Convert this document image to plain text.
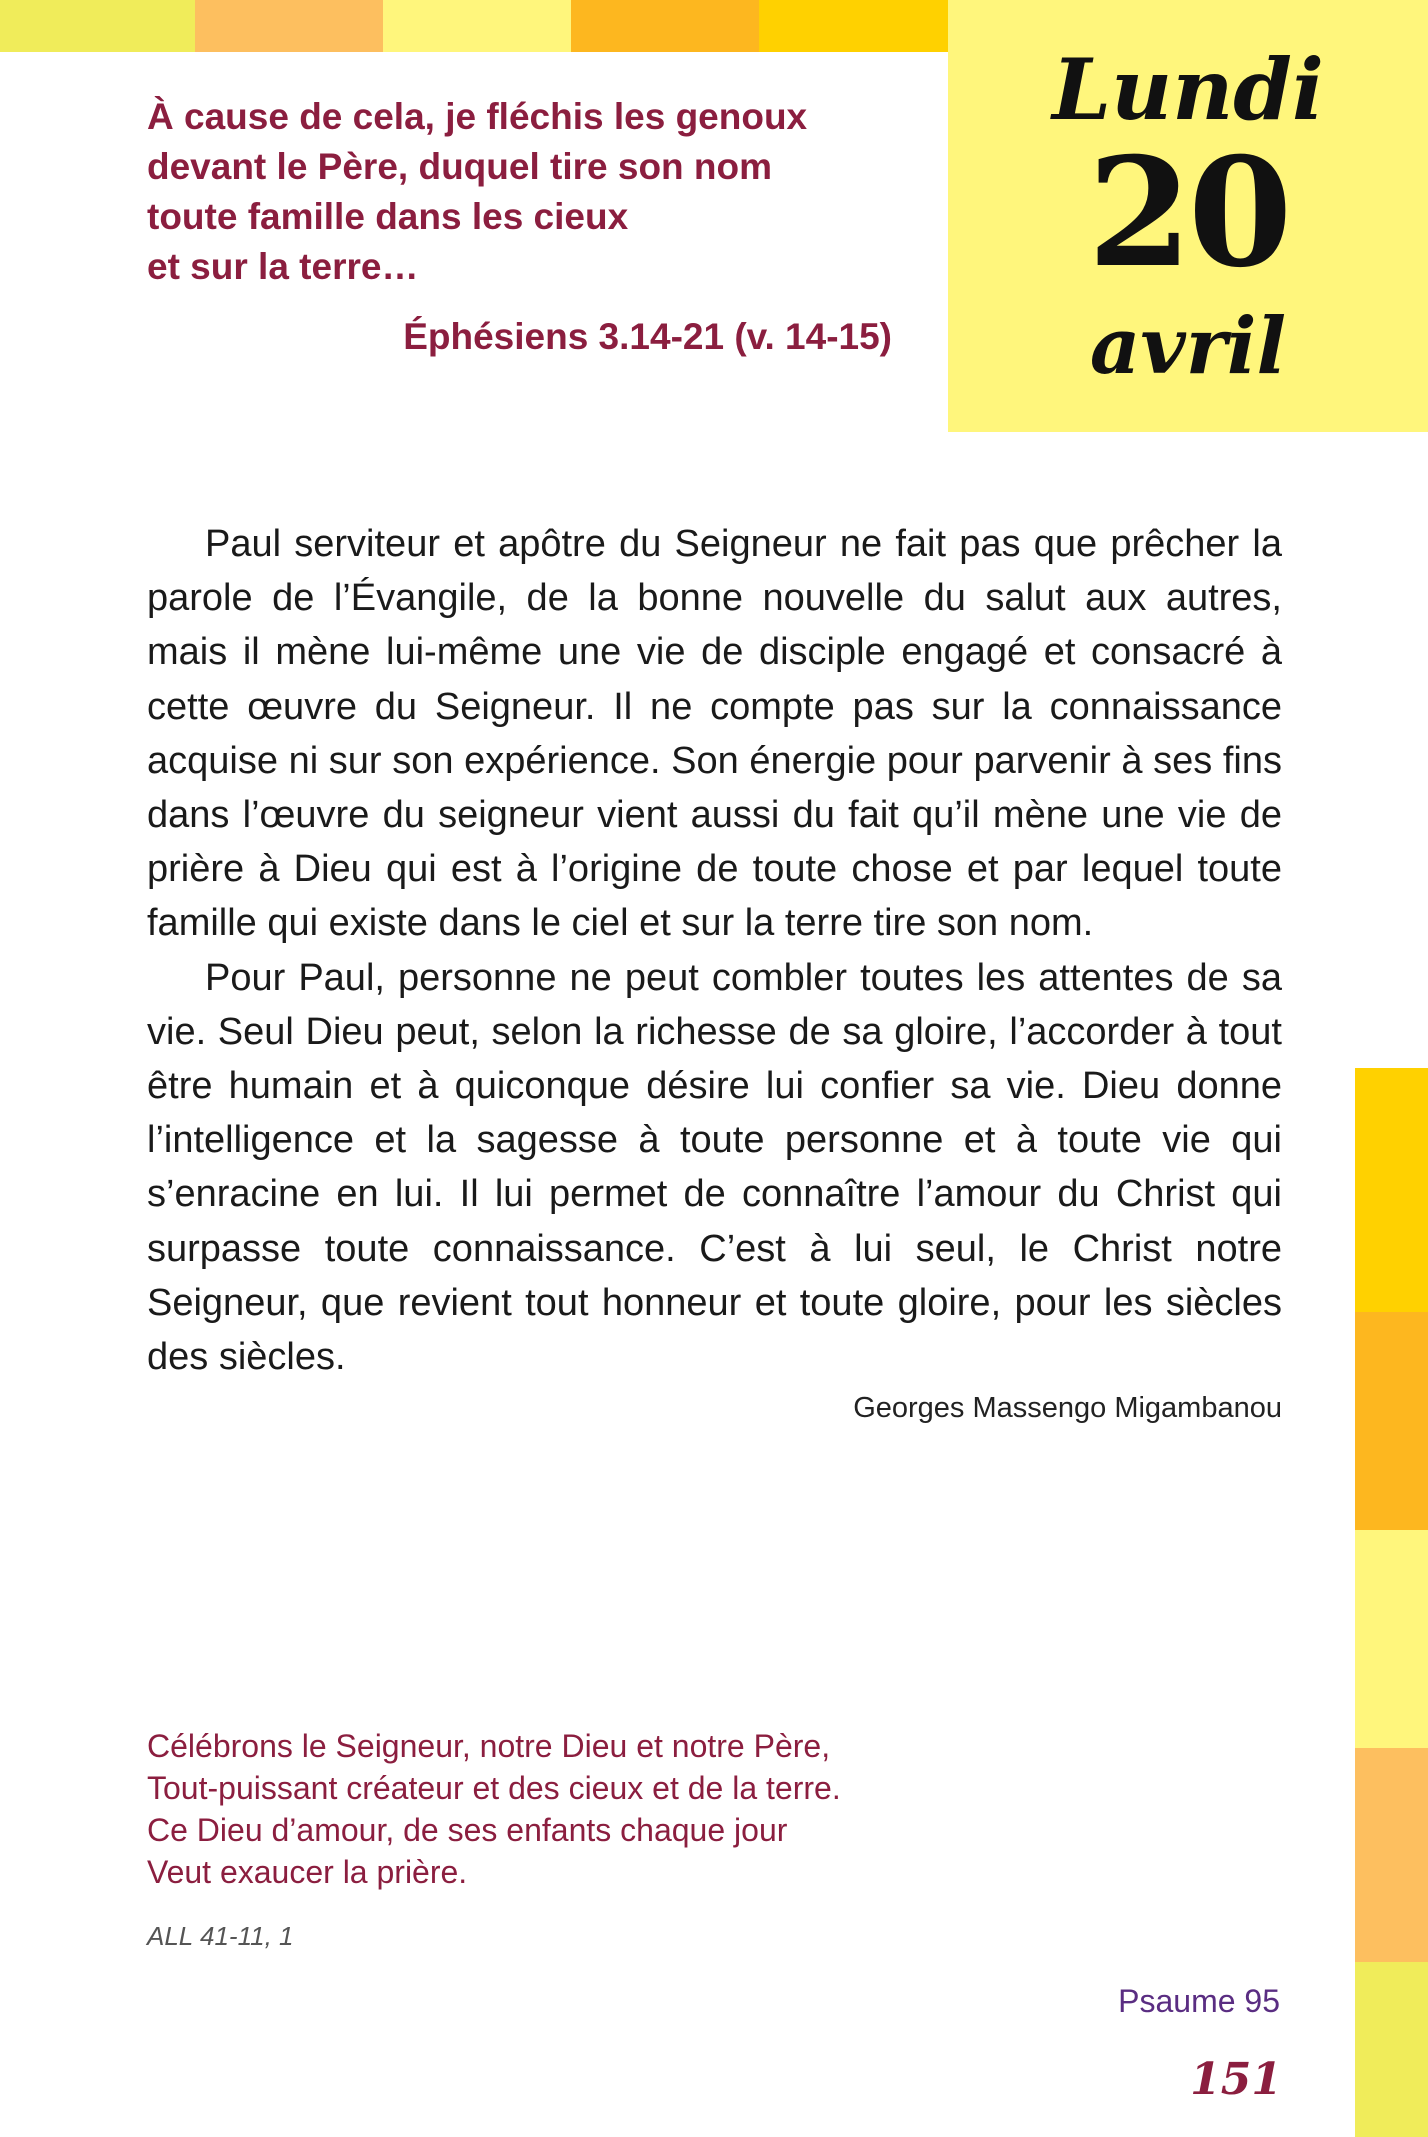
Lundi
20
avril
À cause de cela, je fléchis les genoux
devant le Père, duquel tire son nom
toute famille dans les cieux
et sur la terre…
Éphésiens 3.14-21 (v. 14-15)

Paul serviteur et apôtre du Seigneur ne fait pas que prêcher la parole de l’Évangile, de la bonne nouvelle du salut aux autres, mais il mène lui-même une vie de disciple engagé et consacré à cette œuvre du Seigneur. Il ne compte pas sur la connaissance acquise ni sur son expérience. Son énergie pour parvenir à ses fins dans l’œuvre du seigneur vient aussi du fait qu’il mène une vie de prière à Dieu qui est à l’origine de toute chose et par lequel toute famille qui existe dans le ciel et sur la terre tire son nom.

Pour Paul, personne ne peut combler toutes les attentes de sa vie. Seul Dieu peut, selon la richesse de sa gloire, l’accorder à tout être humain et à quiconque désire lui confier sa vie. Dieu donne l’intelligence et la sagesse à toute personne et à toute vie qui s’enracine en lui. Il lui permet de connaître l’amour du Christ qui surpasse toute connaissance. C’est à lui seul, le Christ notre Seigneur, que revient tout honneur et toute gloire, pour les siècles des siècles.

Georges Massengo Migambanou
Célébrons le Seigneur, notre Dieu et notre Père,
Tout-puissant créateur et des cieux et de la terre.
Ce Dieu d’amour, de ses enfants chaque jour
Veut exaucer la prière.
ALL 41-11, 1
Psaume 95
151
